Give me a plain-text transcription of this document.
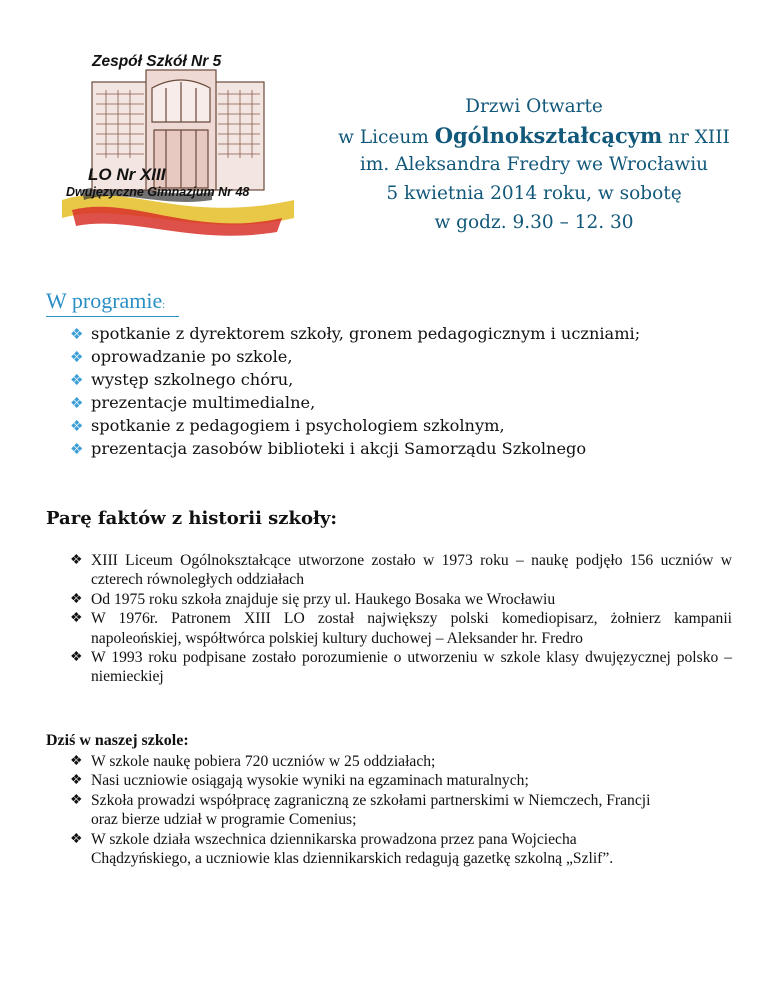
Zespół Szkół Nr 5
LO Nr XIII
Dwujęzyczne Gimnazjum Nr 48
Drzwi Otwarte
w Liceum Ogólnokształcącym nr XIII
im. Aleksandra Fredry we Wrocławiu
5 kwietnia 2014 roku, w sobotę
w godz. 9.30 – 12. 30
W programie:
❖ spotkanie z dyrektorem szkoły, gronem pedagogicznym i uczniami;
❖ oprowadzanie po szkole,
❖ występ szkolnego chóru,
❖ prezentacje multimedialne,
❖ spotkanie z pedagogiem i psychologiem szkolnym,
❖ prezentacja zasobów biblioteki i akcji Samorządu Szkolnego
Parę faktów z historii szkoły:
❖ XIII Liceum Ogólnokształcące utworzone zostało w 1973 roku – naukę podjęło 156 uczniów w czterech równoległych oddziałach
❖ Od 1975 roku szkoła znajduje się przy ul. Haukego Bosaka we Wrocławiu
❖ W 1976r. Patronem XIII LO został największy polski komediopisarz, żołnierz kampanii napoleońskiej, współtwórca polskiej kultury duchowej – Aleksander hr. Fredro
❖ W 1993 roku podpisane zostało porozumienie o utworzeniu w szkole klasy dwujęzycznej polsko – niemieckiej
Dziś w naszej szkole:
❖ W szkole naukę pobiera 720 uczniów w 25 oddziałach;
❖ Nasi uczniowie osiągają wysokie wyniki na egzaminach maturalnych;
❖ Szkoła prowadzi współpracę zagraniczną ze szkołami partnerskimi w Niemczech, Francji oraz bierze udział w programie Comenius;
❖ W szkole działa wszechnica dziennikarska prowadzona przez pana Wojciecha Chądzyńskiego, a uczniowie klas dziennikarskich redagują gazetkę szkolną „Szlif”.
